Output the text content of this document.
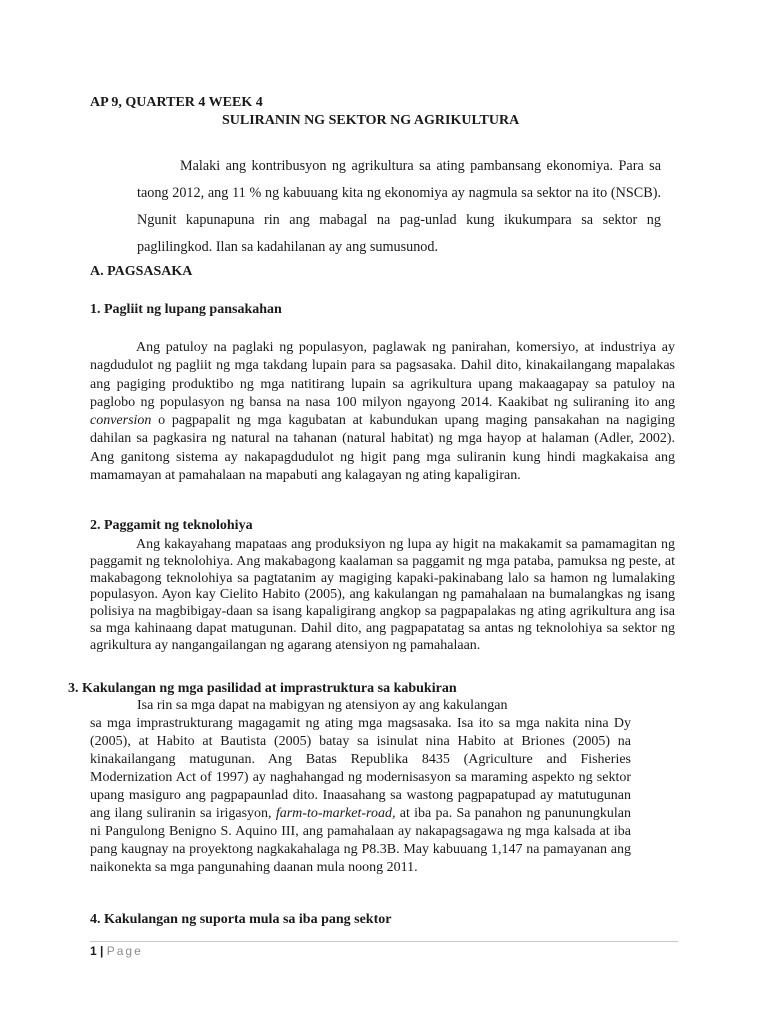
AP 9, QUARTER 4 WEEK 4
SULIRANIN NG SEKTOR NG AGRIKULTURA

Malaki ang kontribusyon ng agrikultura sa ating pambansang ekonomiya. Para sa taong 2012, ang 11 % ng kabuuang kita ng ekonomiya ay nagmula sa sektor na ito (NSCB). Ngunit kapunapuna rin ang mabagal na pag-unlad kung ikukumpara sa sektor ng paglilingkod. Ilan sa kadahilanan ay ang sumusunod.

A. PAGSASAKA
1. Pagliit ng lupang pansakahan

Ang patuloy na paglaki ng populasyon, paglawak ng panirahan, komersiyo, at industriya ay nagdudulot ng pagliit ng mga takdang lupain para sa pagsasaka. Dahil dito, kinakailangang mapalakas ang pagiging produktibo ng mga natitirang lupain sa agrikultura upang makaagapay sa patuloy na paglobo ng populasyon ng bansa na nasa 100 milyon ngayong 2014. Kaakibat ng suliraning ito ang conversion o pagpapalit ng mga kagubatan at kabundukan upang maging pansakahan na nagiging dahilan sa pagkasira ng natural na tahanan (natural habitat) ng mga hayop at halaman (Adler, 2002). Ang ganitong sistema ay nakapagdudulot ng higit pang mga suliranin kung hindi magkakaisa ang mamamayan at pamahalaan na mapabuti ang kalagayan ng ating kapaligiran.

2. Paggamit ng teknolohiya

Ang kakayahang mapataas ang produksiyon ng lupa ay higit na makakamit sa pamamagitan ng paggamit ng teknolohiya. Ang makabagong kaalaman sa paggamit ng mga pataba, pamuksa ng peste, at makabagong teknolohiya sa pagtatanim ay magiging kapaki-pakinabang lalo sa hamon ng lumalaking populasyon. Ayon kay Cielito Habito (2005), ang kakulangan ng pamahalaan na bumalangkas ng isang polisiya na magbibigay-daan sa isang kapaligirang angkop sa pagpapalakas ng ating agrikultura ang isa sa mga kahinaang dapat matugunan. Dahil dito, ang pagpapatatag sa antas ng teknolohiya sa sektor ng agrikultura ay nangangailangan ng agarang atensiyon ng pamahalaan.

3. Kakulangan ng mga pasilidad at imprastruktura sa kabukiran
Isa rin sa mga dapat na mabigyan ng atensiyon ay ang kakulangan

sa mga imprastrukturang magagamit ng ating mga magsasaka. Isa ito sa mga nakita nina Dy (2005), at Habito at Bautista (2005) batay sa isinulat nina Habito at Briones (2005) na kinakailangang matugunan. Ang Batas Republika 8435 (Agriculture and Fisheries Modernization Act of 1997) ay naghahangad ng modernisasyon sa maraming aspekto ng sektor upang masiguro ang pagpapaunlad dito. Inaasahang sa wastong pagpapatupad ay matutugunan ang ilang suliranin sa irigasyon, farm-to-market-road, at iba pa. Sa panahon ng panunungkulan ni Pangulong Benigno S. Aquino III, ang pamahalaan ay nakapagsagawa ng mga kalsada at iba pang kaugnay na proyektong nagkakahalaga ng P8.3B. May kabuuang 1,147 na pamayanan ang naikonekta sa mga pangunahing daanan mula noong 2011.

4. Kakulangan ng suporta mula sa iba pang sektor
1 | Page
